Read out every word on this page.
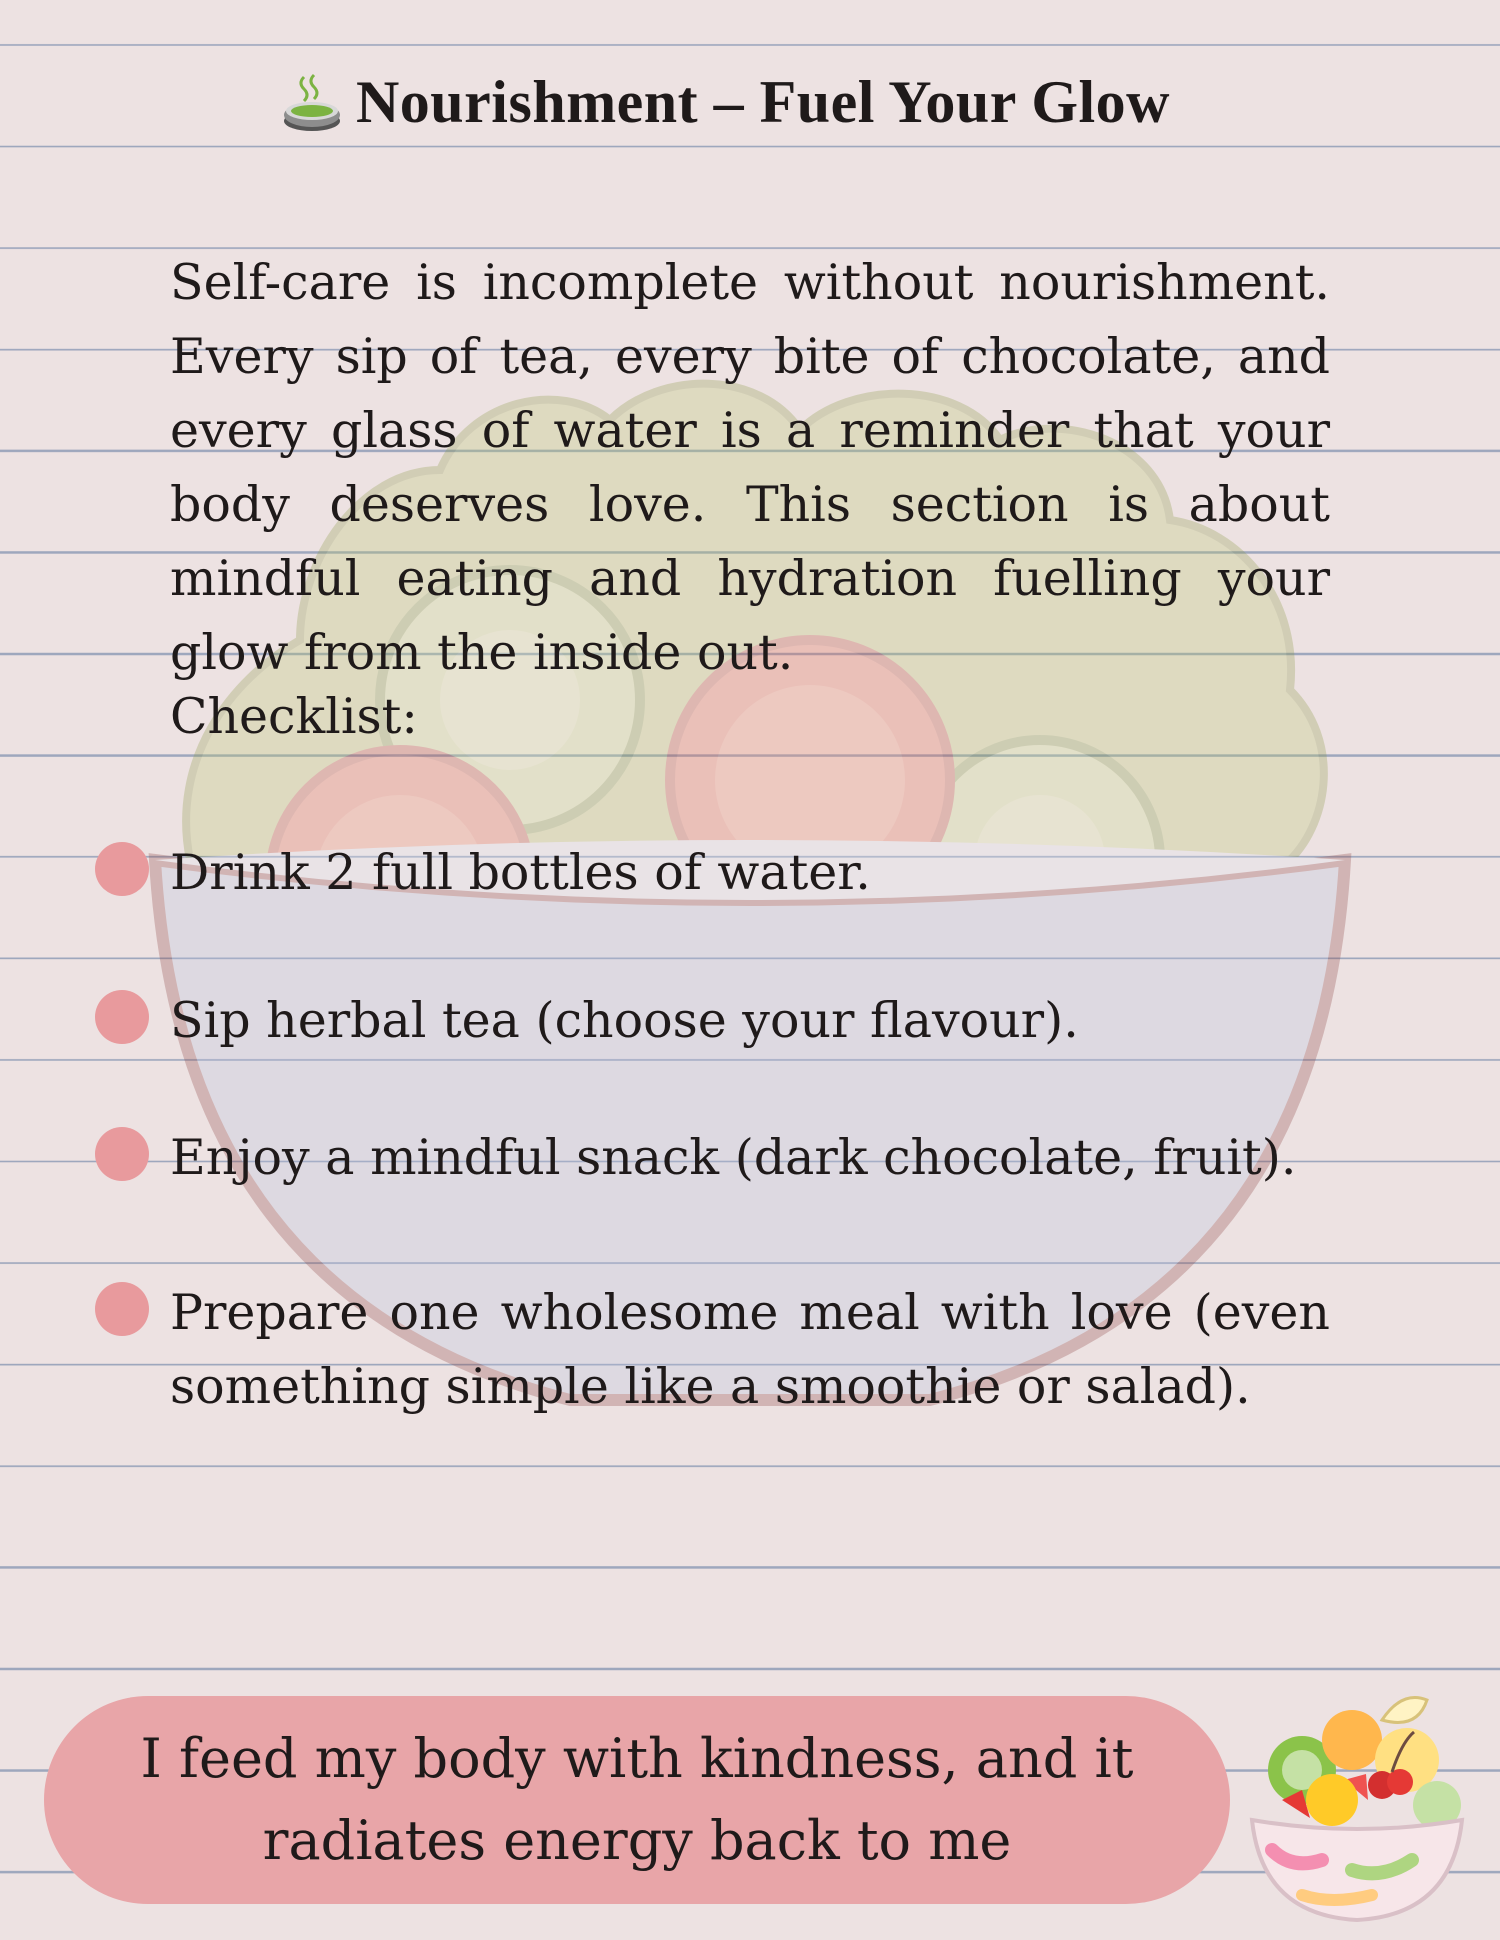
Nourishment – Fuel Your Glow
Self-care is incomplete without nourishment. Every sip of tea, every bite of chocolate, and every glass of water is a reminder that your body deserves love. This section is about mindful eating and hydration fuelling your glow from the inside out.
Checklist:
Drink 2 full bottles of water.
Sip herbal tea (choose your flavour).
Enjoy a mindful snack (dark chocolate, fruit).
Prepare one wholesome meal with love (even something simple like a smoothie or salad).
I feed my body with kindness, and it radiates energy back to me
